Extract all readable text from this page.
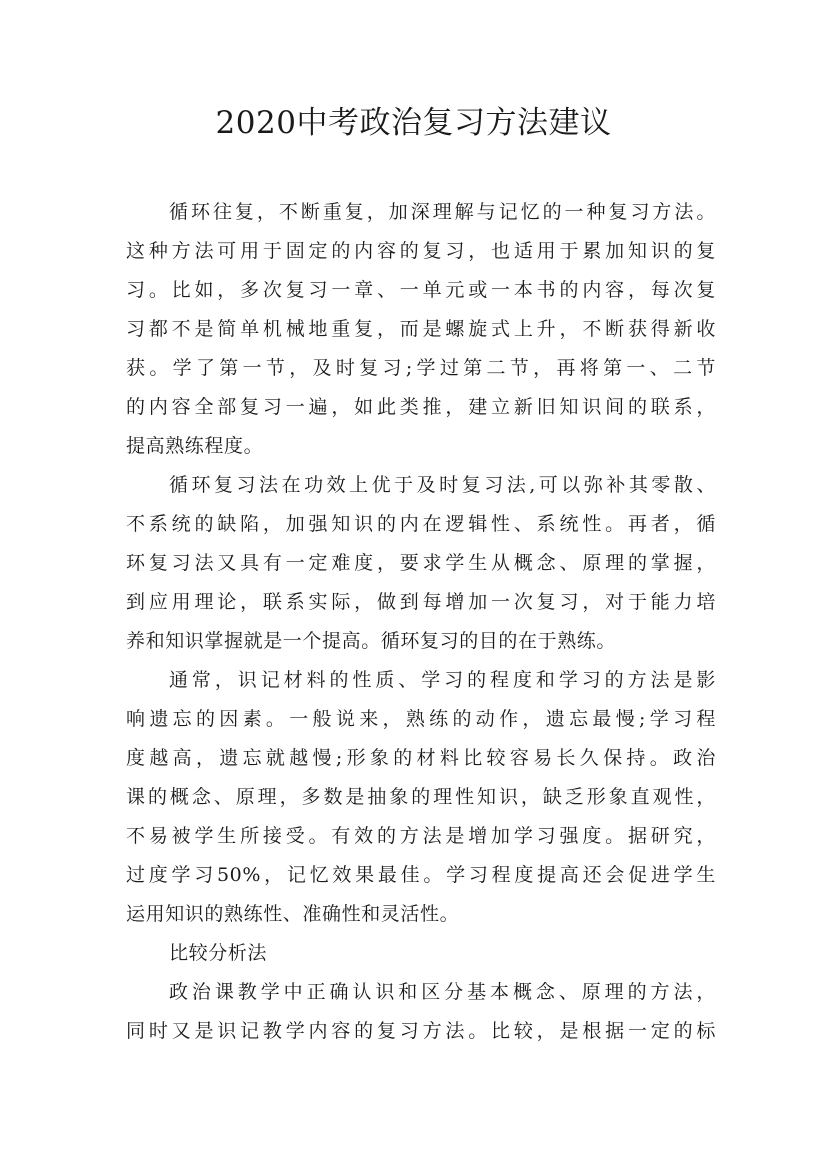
2020中考政治复习方法建议
循环往复，不断重复，加深理解与记忆的一种复习方法。
这种方法可用于固定的内容的复习，也适用于累加知识的复
习。比如，多次复习一章、一单元或一本书的内容，每次复
习都不是简单机械地重复，而是螺旋式上升，不断获得新收
获。学了第一节，及时复习;学过第二节，再将第一、二节
的内容全部复习一遍，如此类推，建立新旧知识间的联系，
提高熟练程度。
循环复习法在功效上优于及时复习法,可以弥补其零散、
不系统的缺陷，加强知识的内在逻辑性、系统性。再者，循
环复习法又具有一定难度，要求学生从概念、原理的掌握，
到应用理论，联系实际，做到每增加一次复习，对于能力培
养和知识掌握就是一个提高。循环复习的目的在于熟练。
通常，识记材料的性质、学习的程度和学习的方法是影
响遗忘的因素。一般说来，熟练的动作，遗忘最慢;学习程
度越高，遗忘就越慢;形象的材料比较容易长久保持。政治
课的概念、原理，多数是抽象的理性知识，缺乏形象直观性，
不易被学生所接受。有效的方法是增加学习强度。据研究，
过度学习50%，记忆效果最佳。学习程度提高还会促进学生
运用知识的熟练性、准确性和灵活性。
比较分析法
政治课教学中正确认识和区分基本概念、原理的方法，
同时又是识记教学内容的复习方法。比较，是根据一定的标
